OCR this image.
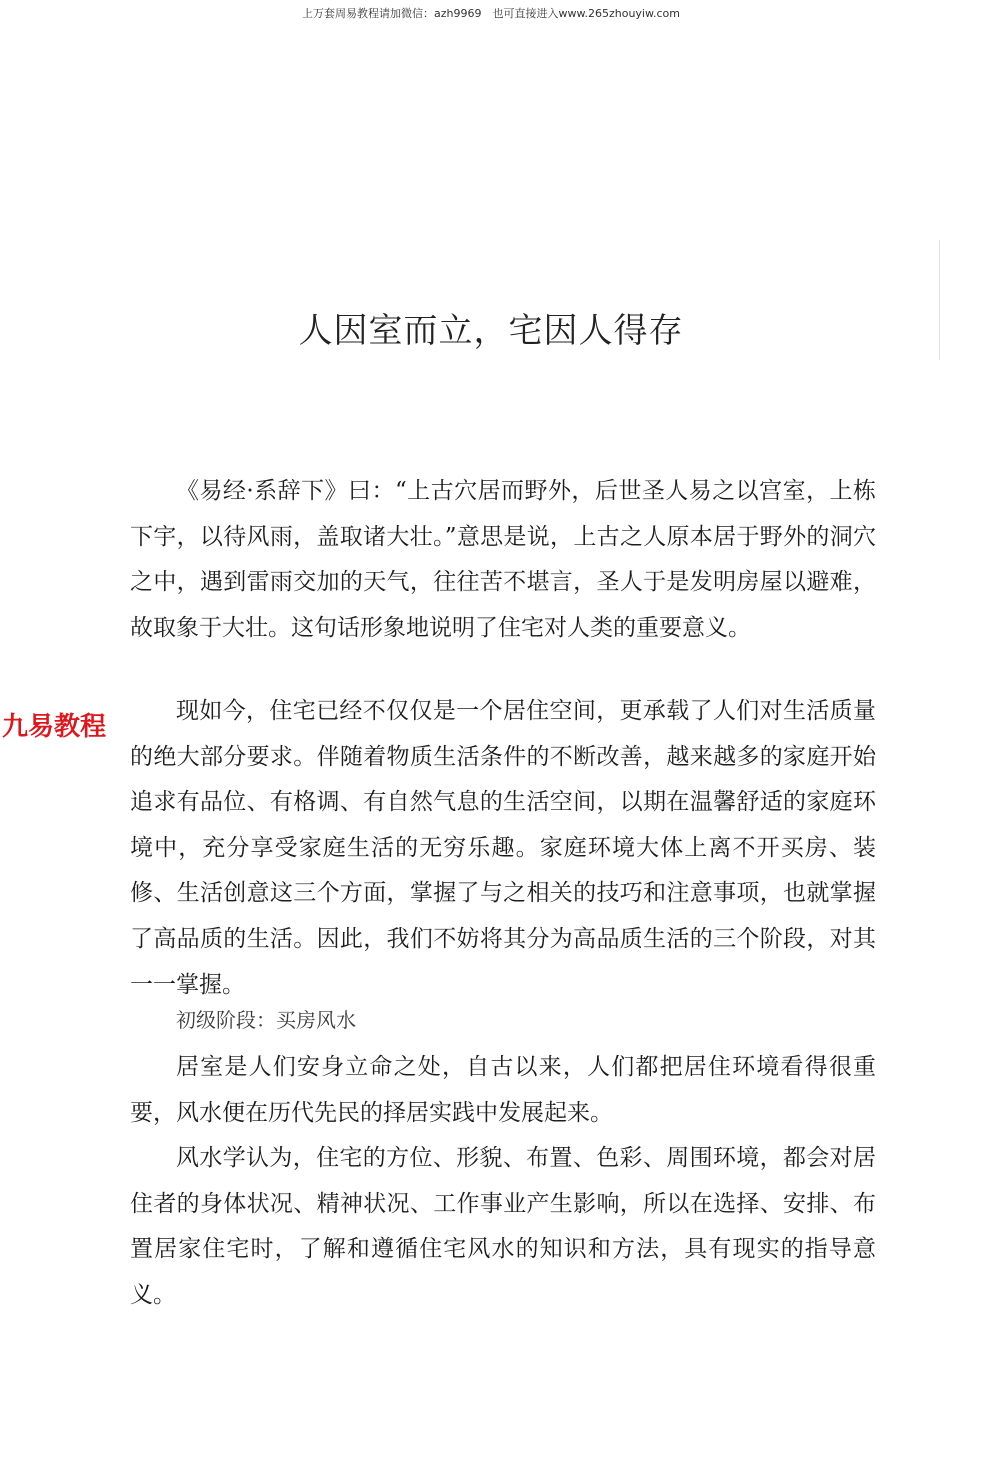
上万套周易教程请加微信：azh9969　也可直接进入www.265zhouyiw.com
人因室而立，宅因人得存
九易教程

《易经·系辞下》曰：“上古穴居而野外，后世圣人易之以宫室，上栋下宇，以待风雨，盖取诸大壮。”意思是说，上古之人原本居于野外的洞穴之中，遇到雷雨交加的天气，往往苦不堪言，圣人于是发明房屋以避难，故取象于大壮。这句话形象地说明了住宅对人类的重要意义。

现如今，住宅已经不仅仅是一个居住空间，更承载了人们对生活质量的绝大部分要求。伴随着物质生活条件的不断改善，越来越多的家庭开始追求有品位、有格调、有自然气息的生活空间，以期在温馨舒适的家庭环境中，充分享受家庭生活的无穷乐趣。家庭环境大体上离不开买房、装修、生活创意这三个方面，掌握了与之相关的技巧和注意事项，也就掌握了高品质的生活。因此，我们不妨将其分为高品质生活的三个阶段，对其一一掌握。

初级阶段：买房风水

居室是人们安身立命之处，自古以来，人们都把居住环境看得很重要，风水便在历代先民的择居实践中发展起来。

风水学认为，住宅的方位、形貌、布置、色彩、周围环境，都会对居住者的身体状况、精神状况、工作事业产生影响，所以在选择、安排、布置居家住宅时，了解和遵循住宅风水的知识和方法，具有现实的指导意义。
